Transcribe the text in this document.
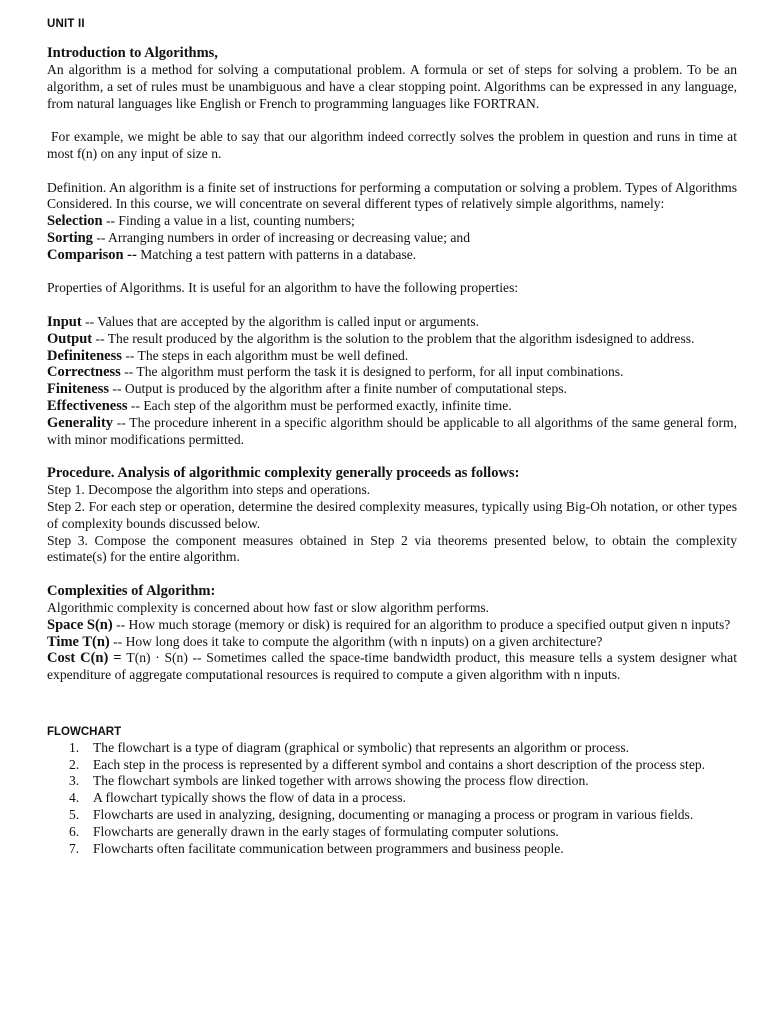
UNIT II
Introduction to Algorithms,

An algorithm is a method for solving a computational problem. A formula or set of steps for solving a problem. To be an algorithm, a set of rules must be unambiguous and have a clear stopping point. Algorithms can be expressed in any language, from natural languages like English or French to programming languages like FORTRAN.

For example, we might be able to say that our algorithm indeed correctly solves the problem in question and runs in time at most f(n) on any input of size n.

Definition. An algorithm is a finite set of instructions for performing a computation or solving a problem. Types of Algorithms Considered. In this course, we will concentrate on several different types of relatively simple algorithms, namely:

Selection -- Finding a value in a list, counting numbers;

Sorting -- Arranging numbers in order of increasing or decreasing value; and

Comparison -- Matching a test pattern with patterns in a database.

Properties of Algorithms. It is useful for an algorithm to have the following properties:

Input -- Values that are accepted by the algorithm is called input or arguments.

Output -- The result produced by the algorithm is the solution to the problem that the algorithm isdesigned to address.

Definiteness -- The steps in each algorithm must be well defined.

Correctness -- The algorithm must perform the task it is designed to perform, for all input combinations.

Finiteness -- Output is produced by the algorithm after a finite number of computational steps.

Effectiveness -- Each step of the algorithm must be performed exactly, infinite time.

Generality -- The procedure inherent in a specific algorithm should be applicable to all algorithms of the same general form, with minor modifications permitted.

Procedure. Analysis of algorithmic complexity generally proceeds as follows:

Step 1. Decompose the algorithm into steps and operations.

Step 2. For each step or operation, determine the desired complexity measures, typically using Big-Oh notation, or other types of complexity bounds discussed below.

Step 3. Compose the component measures obtained in Step 2 via theorems presented below, to obtain the complexity estimate(s) for the entire algorithm.

Complexities of Algorithm:

Algorithmic complexity is concerned about how fast or slow algorithm performs.

Space S(n) -- How much storage (memory or disk) is required for an algorithm to produce a specified output given n inputs?

Time T(n) -- How long does it take to compute the algorithm (with n inputs) on a given architecture?

Cost C(n) = T(n) · S(n) -- Sometimes called the space-time bandwidth product, this measure tells a system designer what expenditure of aggregate computational resources is required to compute a given algorithm with n inputs.

FLOWCHART
1. The flowchart is a type of diagram (graphical or symbolic) that represents an algorithm or process.
2. Each step in the process is represented by a different symbol and contains a short description of the process step.
3. The flowchart symbols are linked together with arrows showing the process flow direction.
4. A flowchart typically shows the flow of data in a process.
5. Flowcharts are used in analyzing, designing, documenting or managing a process or program in various fields.
6. Flowcharts are generally drawn in the early stages of formulating computer solutions.
7. Flowcharts often facilitate communication between programmers and business people.
